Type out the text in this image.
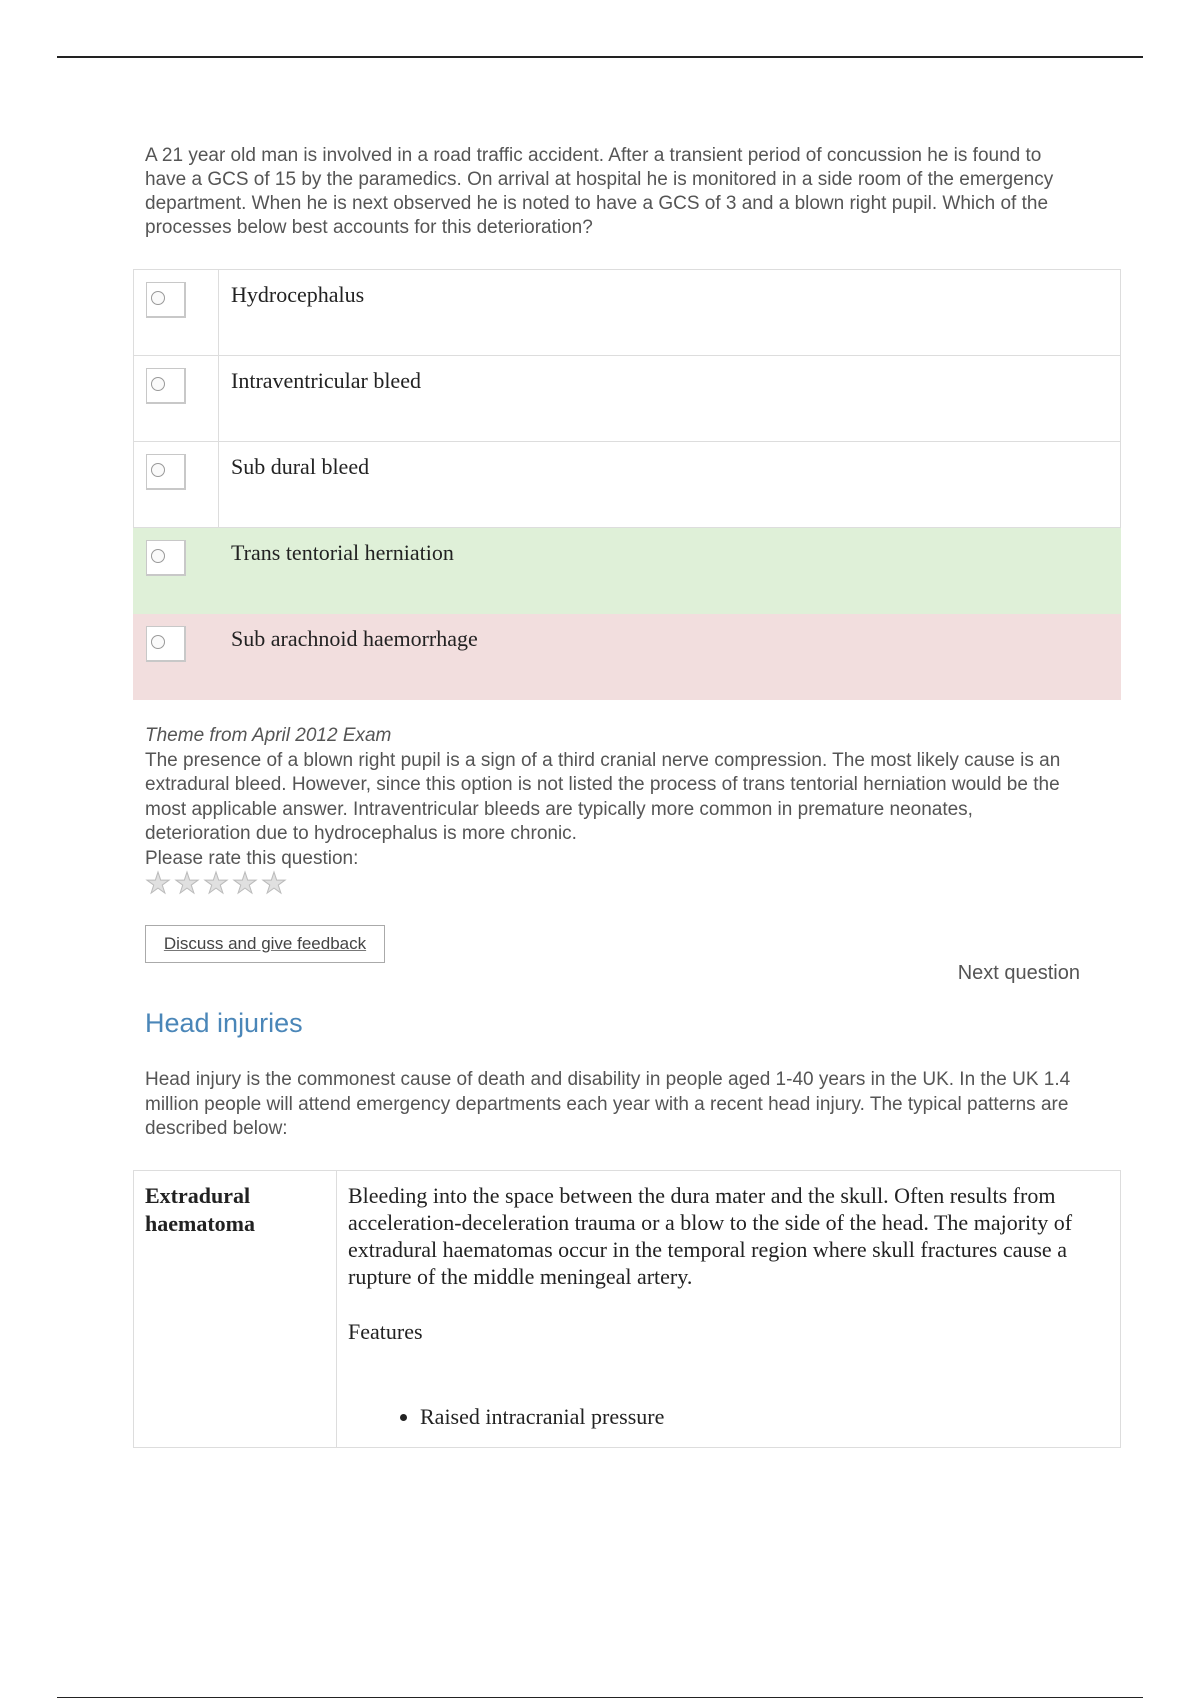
A 21 year old man is involved in a road traffic accident. After a transient period of concussion he is found to have a GCS of 15 by the paramedics. On arrival at hospital he is monitored in a side room of the emergency department. When he is next observed he is noted to have a GCS of 3 and a blown right pupil. Which of the processes below best accounts for this deterioration?

	Hydrocephalus

	Intraventricular bleed

	Sub dural bleed

	Trans tentorial herniation

	Sub arachnoid haemorrhage

Theme from April 2012 Exam

The presence of a blown right pupil is a sign of a third cranial nerve compression. The most likely cause is an extradural bleed. However, since this option is not listed the process of trans tentorial herniation would be the most applicable answer. Intraventricular bleeds are typically more common in premature neonates, deterioration due to hydrocephalus is more chronic.

Please rate this question:

★ ★ ★ ★ ★
Discuss and give feedback
Next question
Head injuries

Head injury is the commonest cause of death and disability in people aged 1-40 years in the UK. In the UK 1.4 million people will attend emergency departments each year with a recent head injury. The typical patterns are described below:

Extradural haematoma	

Bleeding into the space between the dura mater and the skull. Often results from acceleration-deceleration trauma or a blow to the side of the head. The majority of extradural haematomas occur in the temporal region where skull fractures cause a rupture of the middle meningeal artery.

Features

• Raised intracranial pressure
